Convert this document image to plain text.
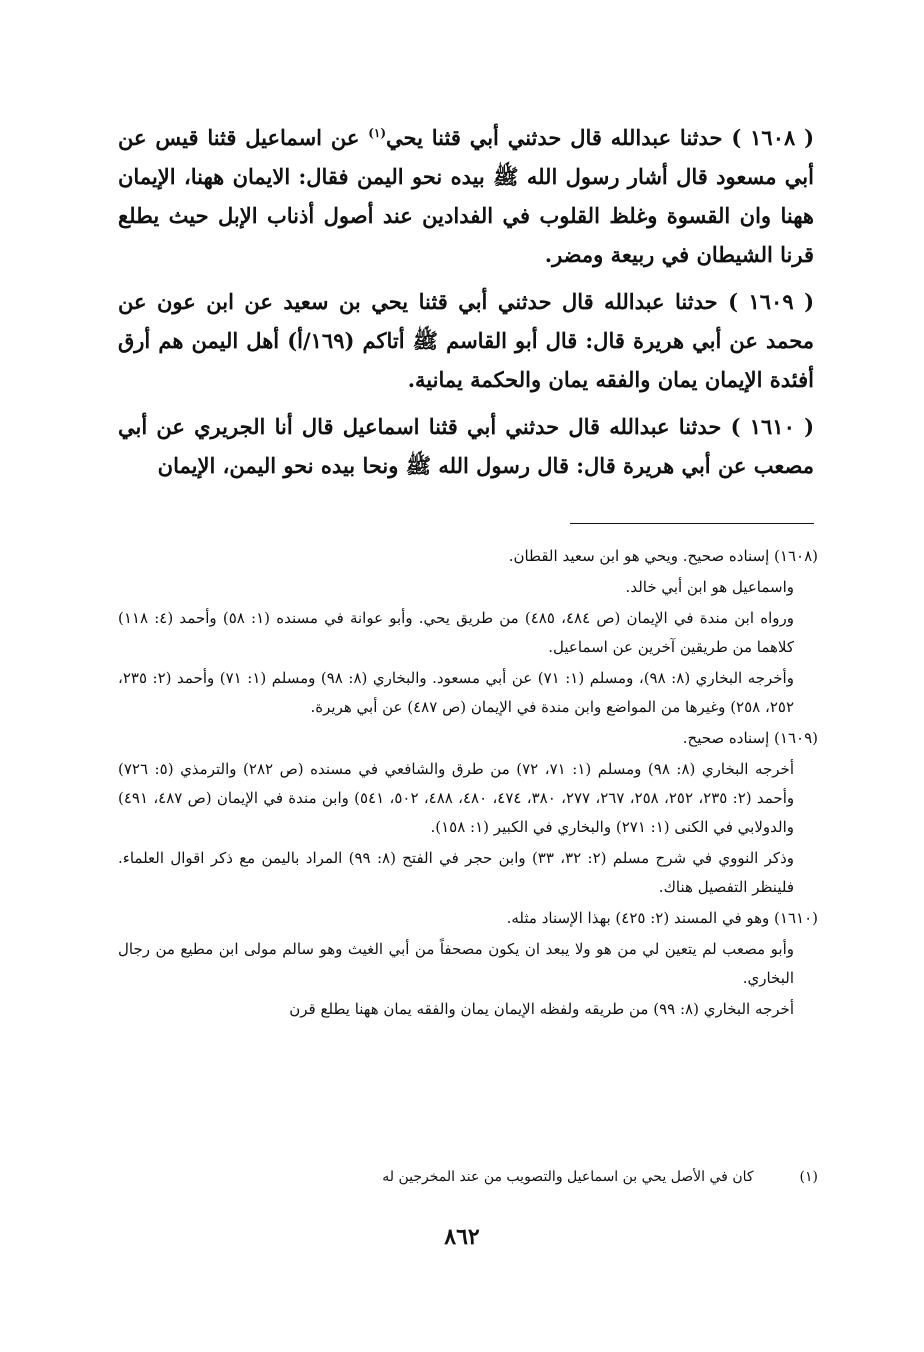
( ١٦٠٨ ) حدثنا عبدالله قال حدثني أبي قثنا يحي$^{(١)}$ عن اسماعيل قثنا قيس عن أبي مسعود قال أشار رسول الله ﷺ بيده نحو اليمن فقال: الايمان ههنا، الإيمان ههنا وان القسوة وغلظ القلوب في الفدادين عند أصول أذناب الإبل حيث يطلع قرنا الشيطان في ربيعة ومضر.

( ١٦٠٩ ) حدثنا عبدالله قال حدثني أبي قثنا يحي بن سعيد عن ابن عون عن محمد عن أبي هريرة قال: قال أبو القاسم ﷺ أتاكم (١٦٩/أ) أهل اليمن هم أرق أفئدة الإيمان يمان والفقه يمان والحكمة يمانية.

( ١٦١٠ ) حدثنا عبدالله قال حدثني أبي قثنا اسماعيل قال أنا الجريري عن أبي مصعب عن أبي هريرة قال: قال رسول الله ﷺ ونحا بيده نحو اليمن، الإيمان

(١٦٠٨) إسناده صحيح. ويحي هو ابن سعيد القطان.
واسماعيل هو ابن أبي خالد.
ورواه ابن مندة في الإيمان (ص ٤٨٤، ٤٨٥) من طريق يحي. وأبو عوانة في مسنده (١: ٥٨) وأحمد (٤: ١١٨) كلاهما من طريقين آخرين عن اسماعيل.
وأخرجه البخاري (٨: ٩٨)، ومسلم (١: ٧١) عن أبي مسعود. والبخاري (٨: ٩٨) ومسلم (١: ٧١) وأحمد (٢: ٢٣٥، ٢٥٢، ٢٥٨) وغيرها من المواضع وابن مندة في الإيمان (ص ٤٨٧) عن أبي هريرة.
(١٦٠٩) إسناده صحيح.
أخرجه البخاري (٨: ٩٨) ومسلم (١: ٧١، ٧٢) من طرق والشافعي في مسنده (ص ٢٨٢) والترمذي (٥: ٧٢٦) وأحمد (٢: ٢٣٥، ٢٥٢، ٢٥٨، ٢٦٧، ٢٧٧، ٣٨٠، ٤٧٤، ٤٨٠، ٤٨٨، ٥٠٢، ٥٤١) وابن مندة في الإيمان (ص ٤٨٧، ٤٩١) والدولابي في الكنى (١: ٢٧١) والبخاري في الكبير (١: ١٥٨).
وذكر النووي في شرح مسلم (٢: ٣٢، ٣٣) وابن حجر في الفتح (٨: ٩٩) المراد باليمن مع ذكر اقوال العلماء. فلينظر التفصيل هناك.
(١٦١٠) وهو في المسند (٢: ٤٢٥) بهذا الإسناد مثله.
وأبو مصعب لم يتعين لي من هو ولا يبعد ان يكون مصحفاً من أبي الغيث وهو سالم مولى ابن مطيع من رجال البخاري.
أخرجه البخاري (٨: ٩٩) من طريقه ولفظه الإيمان يمان والفقه يمان ههنا يطلع قرن
(١) كان في الأصل يحي بن اسماعيل والتصويب من عند المخرجين له
٨٦٢
